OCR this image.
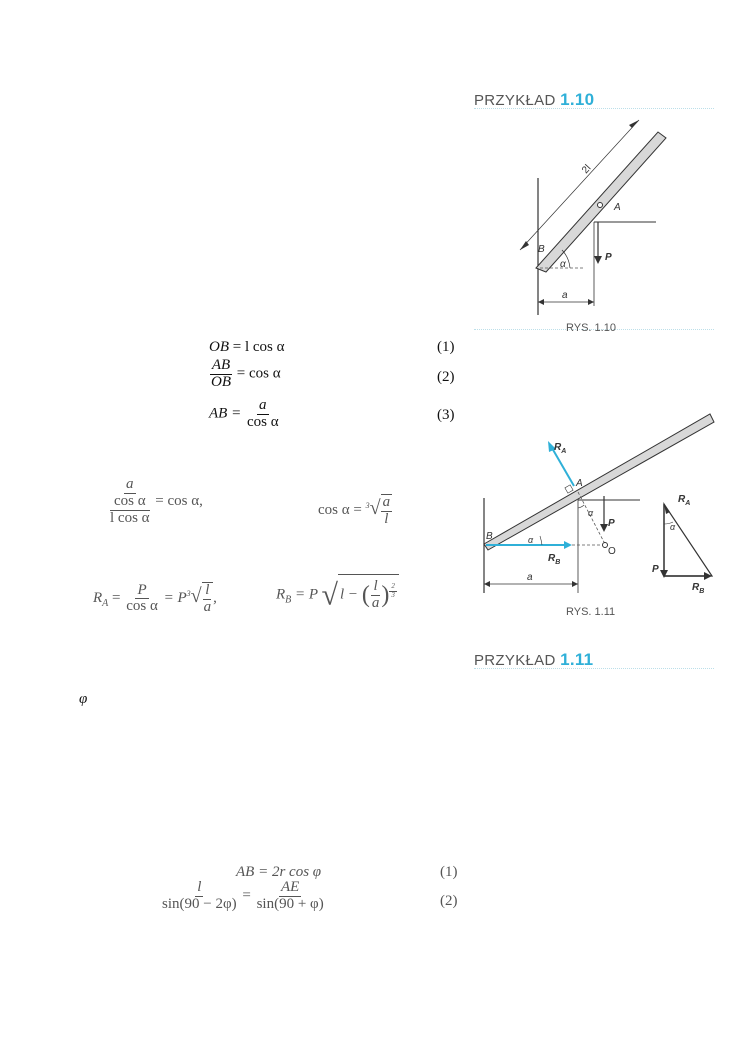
PRZYKŁAD 1.10
2l
A
B
α
P
a
RYS. 1.10
OB = l cos α	(1)
$\frac{AB}{OB} = \cos \alpha$	(2)
AB = $\frac{a}{\text{cos α}}$	(3)
$\frac{\frac{a}{\text{cos α}}}{\text{l cos α}} = \cos \alpha$,
$\cos \alpha = ^3√ \frac{a}{l}$
$R_A = \frac{P}{\text{cos α}} = P^3√ \frac{l}{a}$ ,	$R_B = P$ √ l − ( $\frac{l}{a}$ ) $^{\frac{2}{3}}$
$R_A$
A
α
P
O
$R_B$
B	α
a
α
$R_A$
P
$R_B$
RYS. 1.11
PRZYKŁAD 1.11
φ
AB = 2r cos φ	(1)
$\frac{l}{\sin(90 - 2\varphi)} = \frac{AE}{\sin(90 + \varphi)}$	(2)
